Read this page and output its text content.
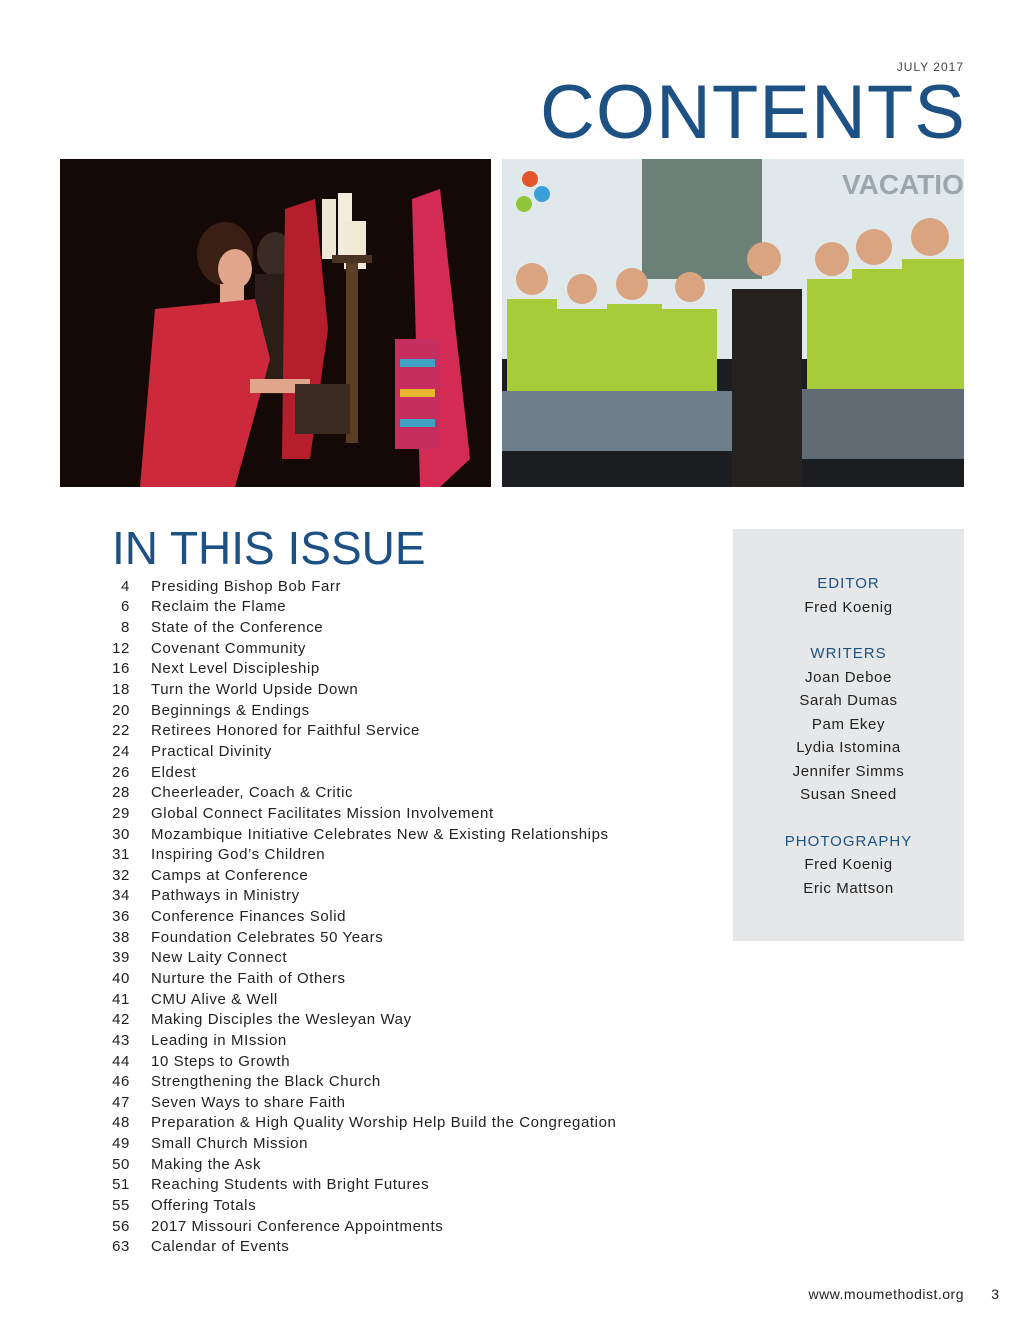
JULY 2017
CONTENTS
VACATIO
IN THIS ISSUE
4 Presiding Bishop Bob Farr
6 Reclaim the Flame
8 State of the Conference
12 Covenant Community
16 Next Level Discipleship
18 Turn the World Upside Down
20 Beginnings & Endings
22 Retirees Honored for Faithful Service
24 Practical Divinity
26 Eldest
28 Cheerleader, Coach & Critic
29 Global Connect Facilitates Mission Involvement
30 Mozambique Initiative Celebrates New & Existing Relationships
31 Inspiring God’s Children
32 Camps at Conference
34 Pathways in Ministry
36 Conference Finances Solid
38 Foundation Celebrates 50 Years
39 New Laity Connect
40 Nurture the Faith of Others
41 CMU Alive & Well
42 Making Disciples the Wesleyan Way
43 Leading in MIssion
44 10 Steps to Growth
46 Strengthening the Black Church
47 Seven Ways to share Faith
48 Preparation & High Quality Worship Help Build the Congregation
49 Small Church Mission
50 Making the Ask
51 Reaching Students with Bright Futures
55 Offering Totals
56 2017 Missouri Conference Appointments
63 Calendar of Events
EDITOR
Fred Koenig
WRITERS
Joan Deboe
Sarah Dumas
Pam Ekey
Lydia Istomina
Jennifer Simms
Susan Sneed
PHOTOGRAPHY
Fred Koenig
Eric Mattson
www.moumethodist.org 3
